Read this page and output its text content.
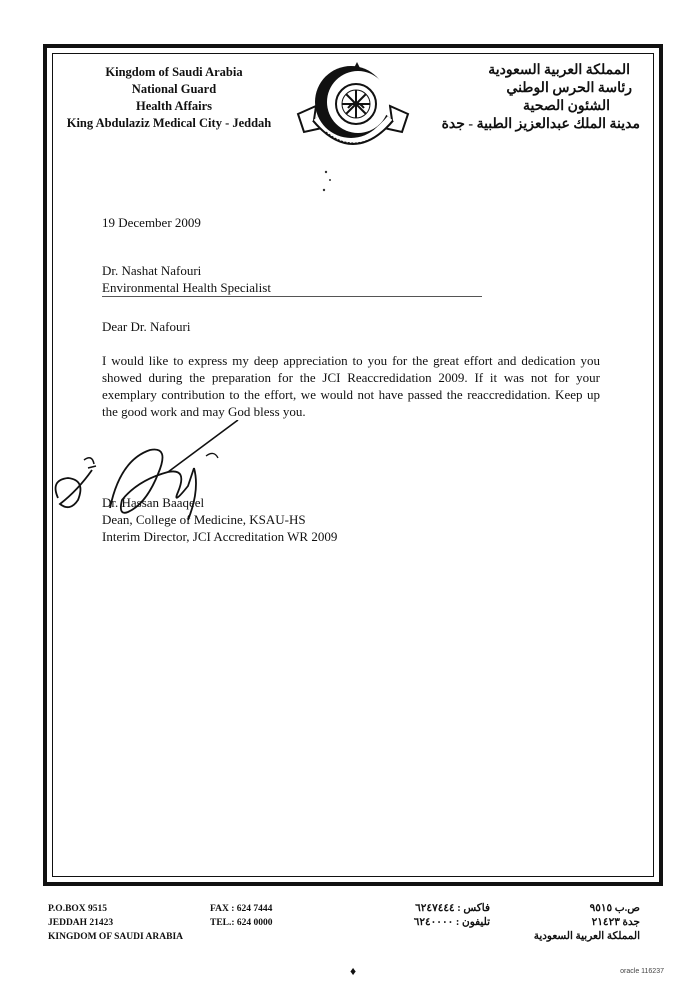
Kingdom of Saudi Arabia
National Guard
Health Affairs
King Abdulaziz Medical City - Jeddah
المملكة العربية السعودية
رئاسة الحرس الوطني
الشئون الصحية
مدينة الملك عبدالعزيز الطبية - جدة
19 December 2009
Dr. Nashat Nafouri
Environmental Health Specialist
Dear Dr. Nafouri
I would like to express my deep appreciation to you for the great effort and dedication you showed during the preparation for the JCI Reaccredidation 2009. If it was not for your exemplary contribution to the effort, we would not have passed the reaccredidation. Keep up the good work and may God bless you.
Dr. Hassan Baaqeel
Dean, College of Medicine, KSAU-HS
Interim Director, JCI Accreditation WR 2009
P.O.BOX 9515
JEDDAH 21423
KINGDOM OF SAUDI ARABIA
FAX : 624 7444
TEL.: 624 0000
فاكس : ٦٢٤٧٤٤٤
تليفون : ٦٢٤٠٠٠٠
ص.ب ٩٥١٥
جدة ٢١٤٢٣
المملكة العربية السعودية
♦	oracle 116237
